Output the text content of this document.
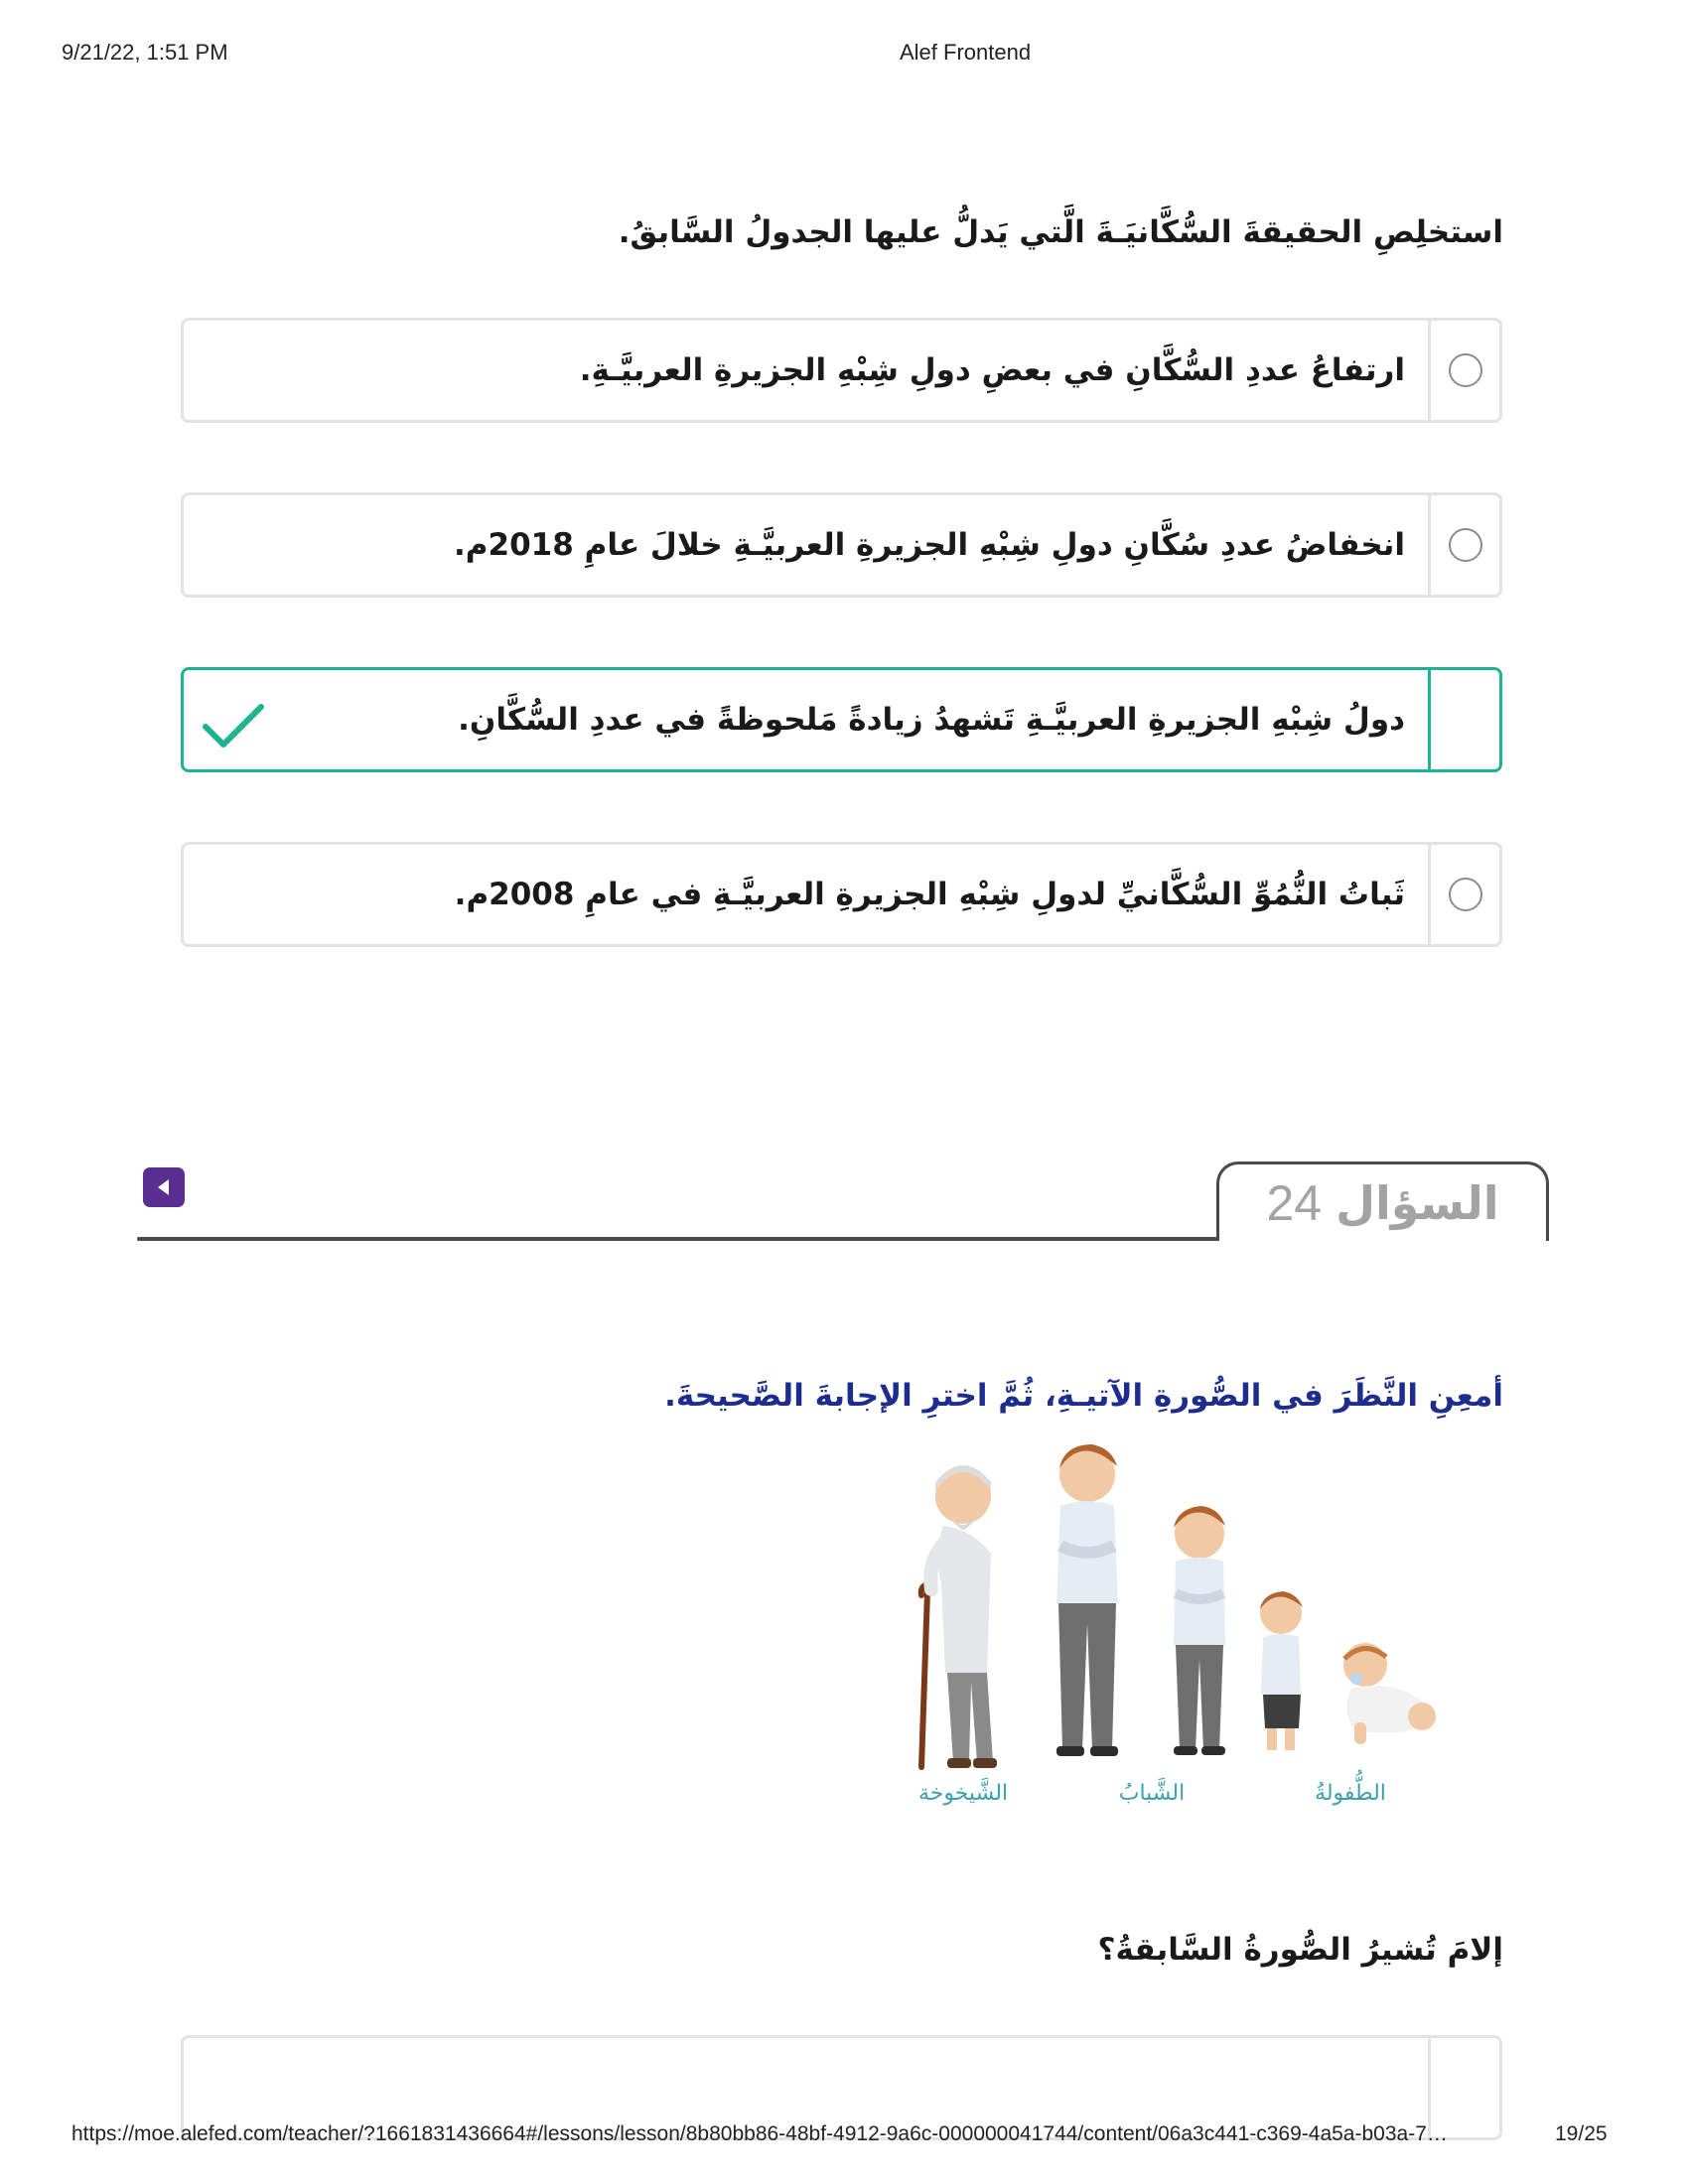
9/21/22, 1:51 PM	Alef Frontend
استخلِصِ الحقيقةَ السُّكَّانيَـةَ الَّتي يَدلُّ عليها الجدولُ السَّابقُ.
ارتفاعُ عددِ السُّكَّانِ في بعضِ دولِ شِبْهِ الجزيرةِ العربيَّـةِ.
انخفاضُ عددِ سُكَّانِ دولِ شِبْهِ الجزيرةِ العربيَّـةِ خلالَ عامِ 2018م.
دولُ شِبْهِ الجزيرةِ العربيَّـةِ تَشهدُ زيادةً مَلحوظةً في عددِ السُّكَّانِ.
ثَباتُ النُّمُوِّ السُّكَّانيِّ لدولِ شِبْهِ الجزيرةِ العربيَّـةِ في عامِ 2008م.
السؤال
24
أمعِنِ النَّظَرَ في الصُّورةِ الآتيـةِ، ثُمَّ اخترِ الإجابةَ الصَّحيحةَ.
الشَّيخوخة	الشَّبابُ	الطُّفولةُ
إلامَ تُشيرُ الصُّورةُ السَّابقةُ؟
https://moe.alefed.com/teacher/?1661831436664#/lessons/lesson/8b80bb86-48bf-4912-9a6c-000000041744/content/06a3c441-c369-4a5a-b03a-7…	19/25
